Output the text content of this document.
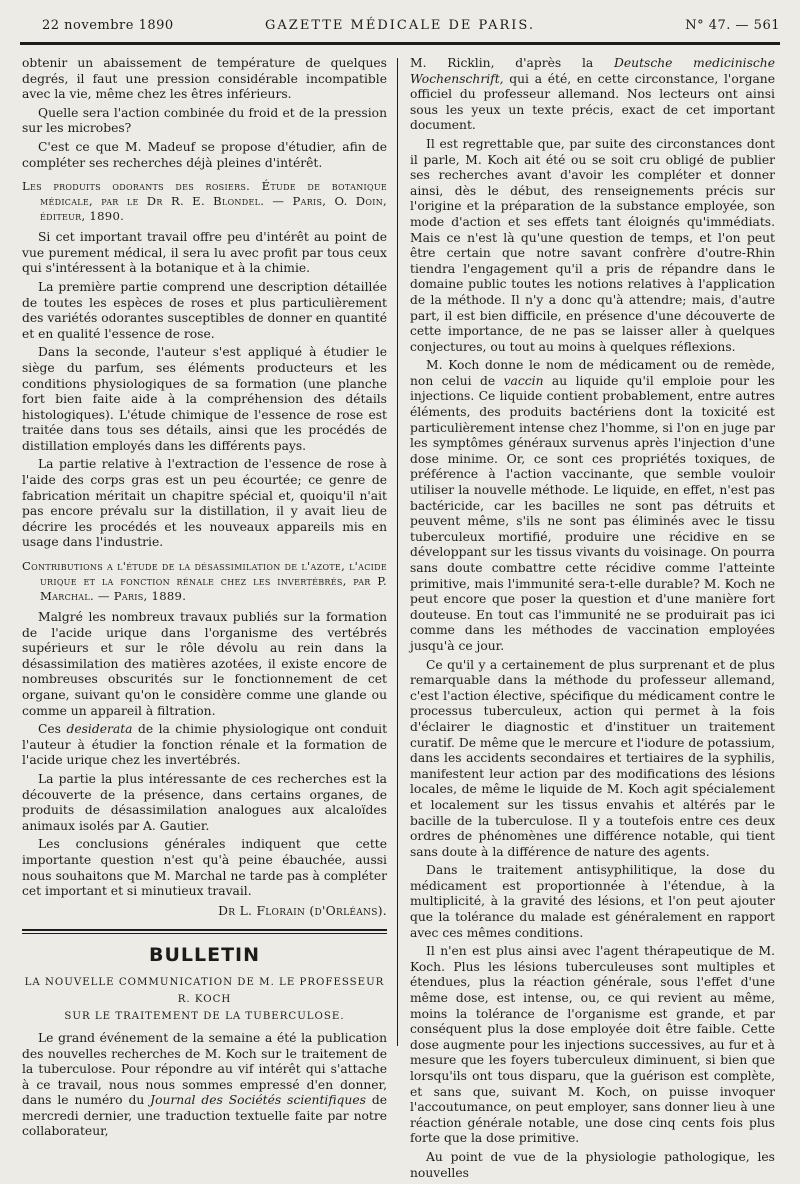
22 novembre 1890	GAZETTE MÉDICALE DE PARIS.	N° 47. — 561

obtenir un abaissement de température de quelques degrés, il faut une pression considérable incompatible avec la vie, même chez les êtres inférieurs.

Quelle sera l'action combinée du froid et de la pression sur les microbes?

C'est ce que M. Madeuf se propose d'étudier, afin de compléter ses recherches déjà pleines d'intérêt.

Les produits odorants des rosiers. Étude de botanique médicale, par le Dr R. E. Blondel. — Paris, O. Doin, éditeur, 1890.

Si cet important travail offre peu d'intérêt au point de vue purement médical, il sera lu avec profit par tous ceux qui s'intéressent à la botanique et à la chimie.

La première partie comprend une description détaillée de toutes les espèces de roses et plus particulièrement des variétés odorantes susceptibles de donner en quantité et en qualité l'essence de rose.

Dans la seconde, l'auteur s'est appliqué à étudier le siège du parfum, ses éléments producteurs et les conditions physiologiques de sa formation (une planche fort bien faite aide à la compréhension des détails histologiques). L'étude chimique de l'essence de rose est traitée dans tous ses détails, ainsi que les procédés de distillation employés dans les différents pays.

La partie relative à l'extraction de l'essence de rose à l'aide des corps gras est un peu écourtée; ce genre de fabrication méritait un chapitre spécial et, quoiqu'il n'ait pas encore prévalu sur la distillation, il y avait lieu de décrire les procédés et les nouveaux appareils mis en usage dans l'industrie.

Contributions a l'étude de la désassimilation de l'azote, l'acide urique et la fonction rénale chez les invertébrés, par P. Marchal. — Paris, 1889.

Malgré les nombreux travaux publiés sur la formation de l'acide urique dans l'organisme des vertébrés supérieurs et sur le rôle dévolu au rein dans la désassimilation des matières azotées, il existe encore de nombreuses obscurités sur le fonctionnement de cet organe, suivant qu'on le considère comme une glande ou comme un appareil à filtration.

Ces desiderata de la chimie physiologique ont conduit l'auteur à étudier la fonction rénale et la formation de l'acide urique chez les invertébrés.

La partie la plus intéressante de ces recherches est la découverte de la présence, dans certains organes, de produits de désassimilation analogues aux alcaloïdes animaux isolés par A. Gautier.

Les conclusions générales indiquent que cette importante question n'est qu'à peine ébauchée, aussi nous souhaitons que M. Marchal ne tarde pas à compléter cet important et si minutieux travail.

Dr L. Florain (d'Orléans).

BULLETIN
LA NOUVELLE COMMUNICATION DE M. LE PROFESSEUR R. KOCH
SUR LE TRAITEMENT DE LA TUBERCULOSE.

Le grand événement de la semaine a été la publication des nouvelles recherches de M. Koch sur le traitement de la tuberculose. Pour répondre au vif intérêt qui s'attache à ce travail, nous nous sommes empressé d'en donner, dans le numéro du Journal des Sociétés scientifiques de mercredi dernier, une traduction textuelle faite par notre collaborateur,

M. Ricklin, d'après la Deutsche medicinische Wochenschrift, qui a été, en cette circonstance, l'organe officiel du professeur allemand. Nos lecteurs ont ainsi sous les yeux un texte précis, exact de cet important document.

Il est regrettable que, par suite des circonstances dont il parle, M. Koch ait été ou se soit cru obligé de publier ses recherches avant d'avoir les compléter et donner ainsi, dès le début, des renseignements précis sur l'origine et la préparation de la substance employée, son mode d'action et ses effets tant éloignés qu'immédiats. Mais ce n'est là qu'une question de temps, et l'on peut être certain que notre savant confrère d'outre-Rhin tiendra l'engagement qu'il a pris de répandre dans le domaine public toutes les notions relatives à l'application de la méthode. Il n'y a donc qu'à attendre; mais, d'autre part, il est bien difficile, en présence d'une découverte de cette importance, de ne pas se laisser aller à quelques conjectures, ou tout au moins à quelques réflexions.

M. Koch donne le nom de médicament ou de remède, non celui de vaccin au liquide qu'il emploie pour les injections. Ce liquide contient probablement, entre autres éléments, des produits bactériens dont la toxicité est particulièrement intense chez l'homme, si l'on en juge par les symptômes généraux survenus après l'injection d'une dose minime. Or, ce sont ces propriétés toxiques, de préférence à l'action vaccinante, que semble vouloir utiliser la nouvelle méthode. Le liquide, en effet, n'est pas bactéricide, car les bacilles ne sont pas détruits et peuvent même, s'ils ne sont pas éliminés avec le tissu tuberculeux mortifié, produire une récidive en se développant sur les tissus vivants du voisinage. On pourra sans doute combattre cette récidive comme l'atteinte primitive, mais l'immunité sera-t-elle durable? M. Koch ne peut encore que poser la question et d'une manière fort douteuse. En tout cas l'immunité ne se produirait pas ici comme dans les méthodes de vaccination employées jusqu'à ce jour.

Ce qu'il y a certainement de plus surprenant et de plus remarquable dans la méthode du professeur allemand, c'est l'action élective, spécifique du médicament contre le processus tuberculeux, action qui permet à la fois d'éclairer le diagnostic et d'instituer un traitement curatif. De même que le mercure et l'iodure de potassium, dans les accidents secondaires et tertiaires de la syphilis, manifestent leur action par des modifications des lésions locales, de même le liquide de M. Koch agit spécialement et localement sur les tissus envahis et altérés par le bacille de la tuberculose. Il y a toutefois entre ces deux ordres de phénomènes une différence notable, qui tient sans doute à la différence de nature des agents.

Dans le traitement antisyphilitique, la dose du médicament est proportionnée à l'étendue, à la multiplicité, à la gravité des lésions, et l'on peut ajouter que la tolérance du malade est généralement en rapport avec ces mêmes conditions.

Il n'en est plus ainsi avec l'agent thérapeutique de M. Koch. Plus les lésions tuberculeuses sont multiples et étendues, plus la réaction générale, sous l'effet d'une même dose, est intense, ou, ce qui revient au même, moins la tolérance de l'organisme est grande, et par conséquent plus la dose employée doit être faible. Cette dose augmente pour les injections successives, au fur et à mesure que les foyers tuberculeux diminuent, si bien que lorsqu'ils ont tous disparu, que la guérison est complète, et sans que, suivant M. Koch, on puisse invoquer l'accoutumance, on peut employer, sans donner lieu à une réaction générale notable, une dose cinq cents fois plus forte que la dose primitive.

Au point de vue de la physiologie pathologique, les nouvelles
